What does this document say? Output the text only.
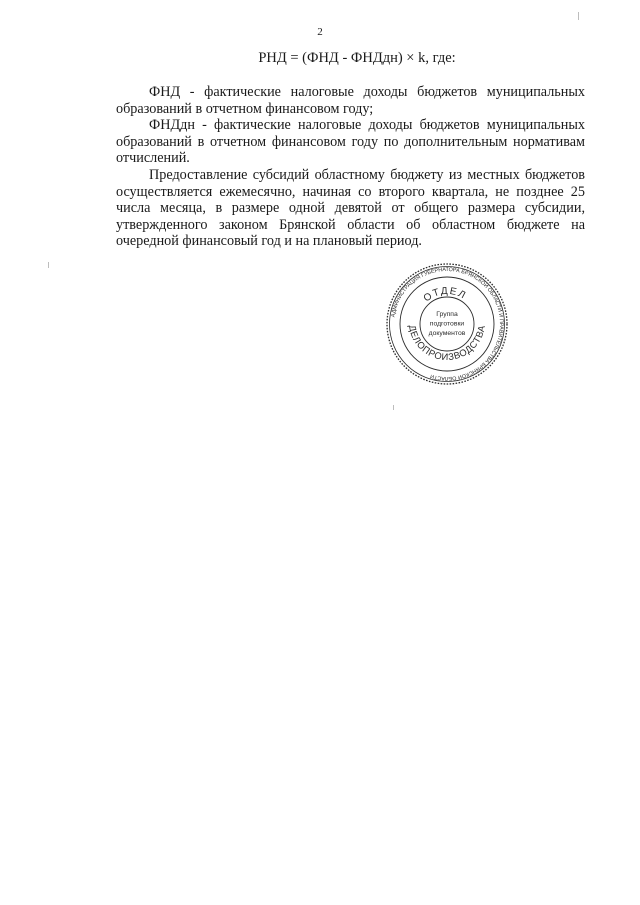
2
РНД = (ФНД - ФНДдн) × k, где:

ФНД - фактические налоговые доходы бюджетов муниципальных образований в отчетном финансовом году;

ФНДдн - фактические налоговые доходы бюджетов муниципальных образований в отчетном финансовом году по дополнительным нормативам отчислений.

Предоставление субсидий областному бюджету из местных бюджетов осуществляется ежемесячно, начиная со второго квартала, не позднее 25 числа месяца, в размере одной девятой от общего размера субсидии, утвержденного законом Брянской области об областном бюджете на очередной финансовый год и на плановый период.

АДМИНИСТРАЦИЯ ГУБЕРНАТОРА БРЯНСКОЙ ОБЛАСТИ И ПРАВИТЕЛЬСТВА БРЯНСКОЙ ОБЛАСТИ
ОТДЕЛ
ДЕЛОПРОИЗВОДСТВА
Группа
подготовки
документов
